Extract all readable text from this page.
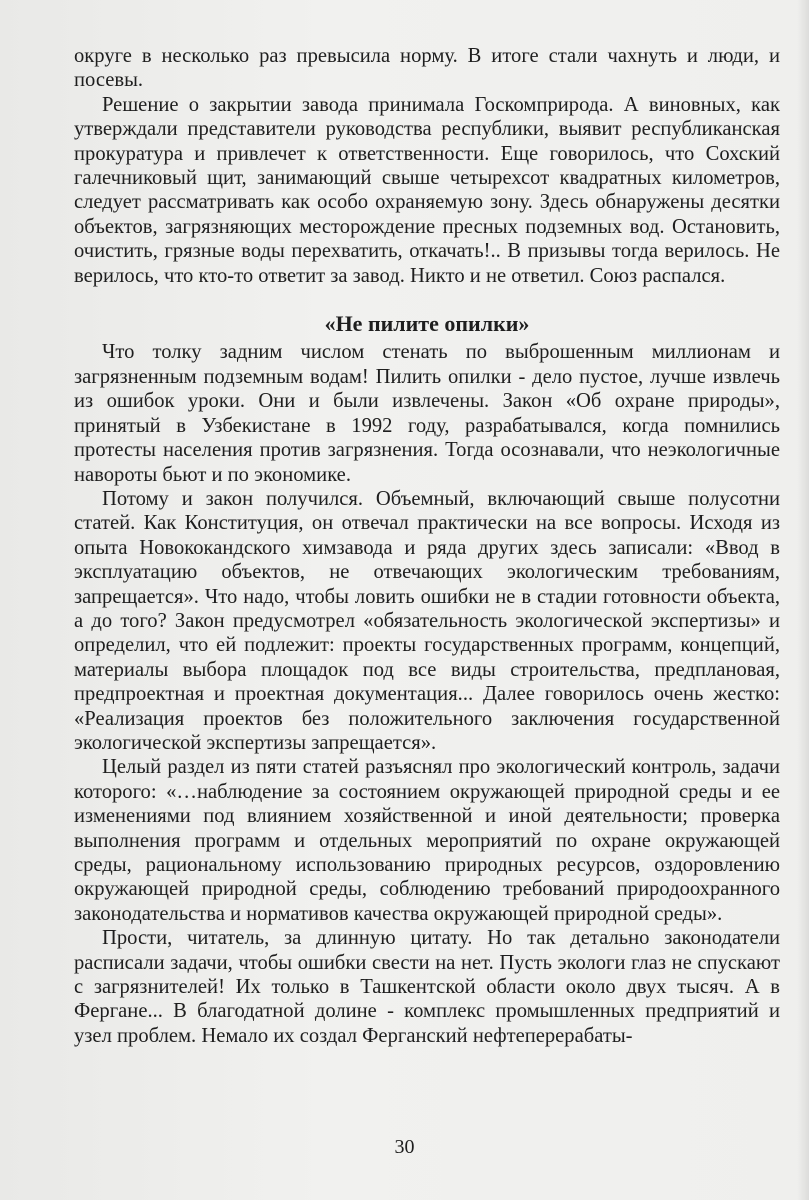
округе в несколько раз превысила норму. В итоге стали чахнуть и люди, и посевы.

Решение о закрытии завода принимала Госкомприрода. А виновных, как утверждали представители руководства республики, выявит республиканская прокуратура и привлечет к ответственности. Еще говорилось, что Сохский галечниковый щит, занимающий свыше четырехсот квадратных километров, следует рассматривать как особо охраняемую зону. Здесь обнаружены десятки объектов, загрязняющих месторождение пресных подземных вод. Остановить, очистить, грязные воды перехватить, откачать!.. В призывы тогда верилось. Не верилось, что кто-то ответит за завод. Никто и не ответил. Союз распался.

«Не пилите опилки»

Что толку задним числом стенать по выброшенным миллионам и загрязненным подземным водам! Пилить опилки - дело пустое, лучше извлечь из ошибок уроки. Они и были извлечены. Закон «Об охране природы», принятый в Узбекистане в 1992 году, разрабатывался, когда помнились протесты населения против загрязнения. Тогда осознавали, что неэкологичные навороты бьют и по экономике.

Потому и закон получился. Объемный, включающий свыше полусотни статей. Как Конституция, он отвечал практически на все вопросы. Исходя из опыта Новококандского химзавода и ряда других здесь записали: «Ввод в эксплуатацию объектов, не отвечающих экологическим требованиям, запрещается». Что надо, чтобы ловить ошибки не в стадии готовности объекта, а до того? Закон предусмотрел «обязательность экологической экспертизы» и определил, что ей подлежит: проекты государственных программ, концепций, материалы выбора площадок под все виды строительства, предплановая, предпроектная и проектная документация... Далее говорилось очень жестко: «Реализация проектов без положительного заключения государственной экологической экспертизы запрещается».

Целый раздел из пяти статей разъяснял про экологический контроль, задачи которого: «…наблюдение за состоянием окружающей природной среды и ее изменениями под влиянием хозяйственной и иной деятельности; проверка выполнения программ и отдельных мероприятий по охране окружающей среды, рациональному использованию природных ресурсов, оздоровлению окружающей природной среды, соблюдению требований природоохранного законодательства и нормативов качества окружающей природной среды».

Прости, читатель, за длинную цитату. Но так детально законодатели расписали задачи, чтобы ошибки свести на нет. Пусть экологи глаз не спускают с загрязнителей! Их только в Ташкентской области около двух тысяч. А в Фергане... В благодатной долине - комплекс промышленных предприятий и узел проблем. Немало их создал Ферганский нефтеперерабаты-

30
